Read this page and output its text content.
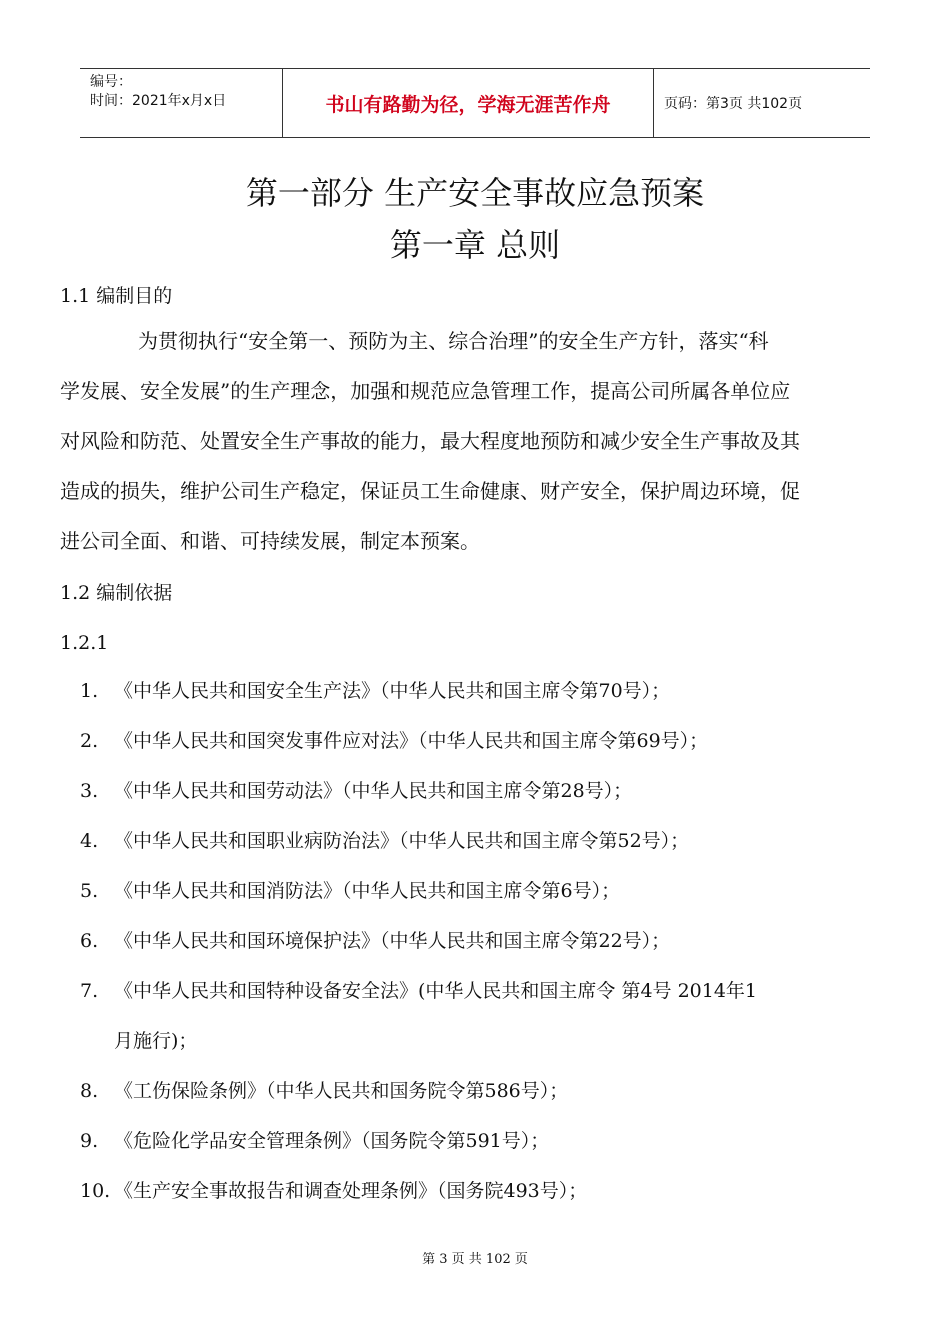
编号：
时间：2021年x月x日	书山有路勤为径，学海无涯苦作舟	页码：第3页 共102页
第一部分 生产安全事故应急预案
第一章 总则
1.1 编制目的
为贯彻执行“安全第一、预防为主、综合治理”的安全生产方针，落实“科
学发展、安全发展”的生产理念，加强和规范应急管理工作，提高公司所属各单位应
对风险和防范、处置安全生产事故的能力，最大程度地预防和减少安全生产事故及其
造成的损失，维护公司生产稳定，保证员工生命健康、财产安全，保护周边环境，促
进公司全面、和谐、可持续发展，制定本预案。
1.2 编制依据
1.2.1
1. 《中华人民共和国安全生产法》（中华人民共和国主席令第70号）；
2. 《中华人民共和国突发事件应对法》（中华人民共和国主席令第69号）；
3. 《中华人民共和国劳动法》（中华人民共和国主席令第28号）；
4. 《中华人民共和国职业病防治法》（中华人民共和国主席令第52号）；
5. 《中华人民共和国消防法》（中华人民共和国主席令第6号）；
6. 《中华人民共和国环境保护法》（中华人民共和国主席令第22号）；
7. 《中华人民共和国特种设备安全法》(中华人民共和国主席令 第4号 2014年1
月施行)；
8. 《工伤保险条例》（中华人民共和国务院令第586号）；
9. 《危险化学品安全管理条例》（国务院令第591号）；
10. 《生产安全事故报告和调查处理条例》（国务院493号）；
第 3 页 共 102 页
